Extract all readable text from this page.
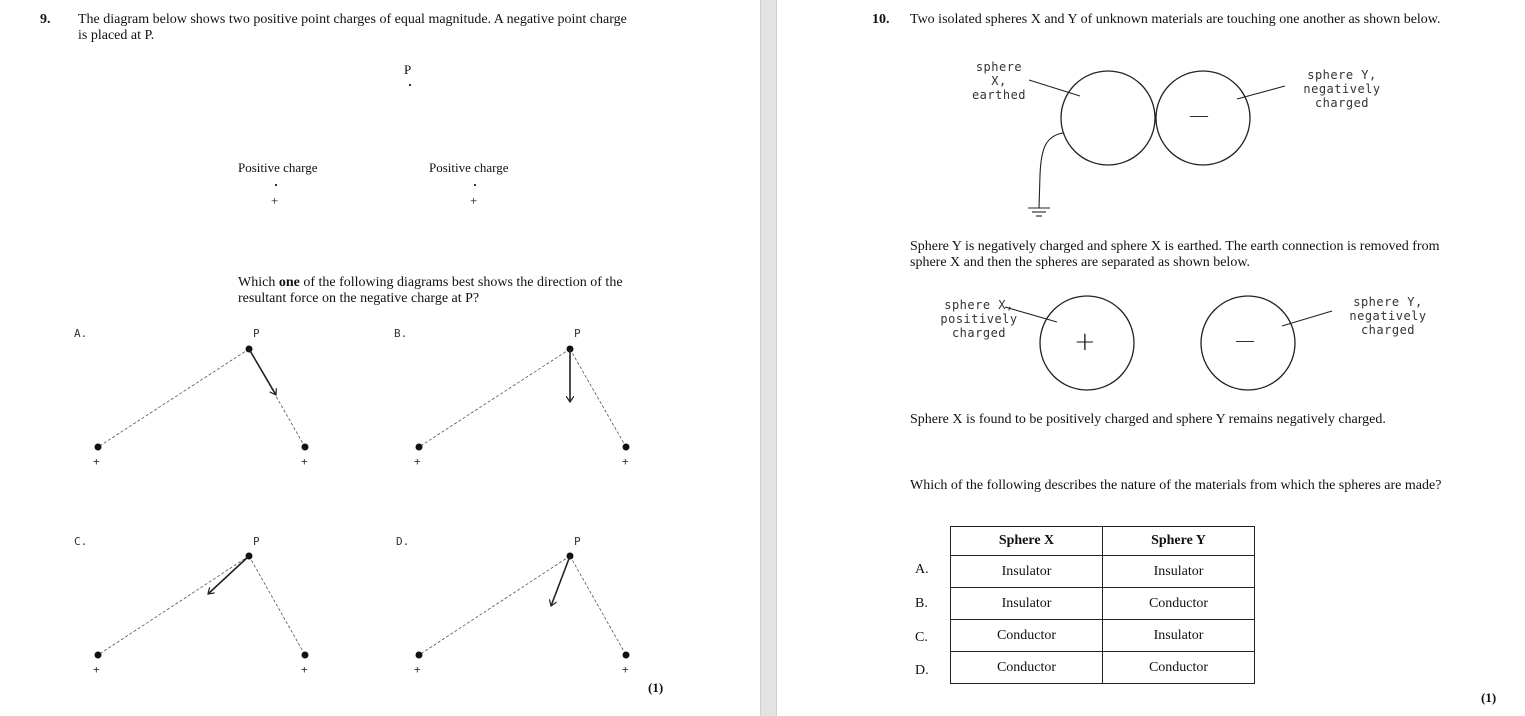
9. The diagram below shows two positive point charges of equal magnitude. A negative point charge is placed at P.
P
Positive charge	Positive charge
+	+
Which one of the following diagrams best shows the direction of the resultant force on the negative charge at P?
A.	P
+	+
B.	P
+	+
C.	P
+	+
D.	P
+	+
(1)
10. Two isolated spheres X and Y of unknown materials are touching one another as shown below.
sphere X,
earthed
sphere Y,
negatively charged
—
Sphere Y is negatively charged and sphere X is earthed. The earth connection is removed from sphere X and then the spheres are separated as shown below.
sphere X,
positively charged
sphere Y,
negatively charged
+	—
Sphere X is found to be positively charged and sphere Y remains negatively charged.
Which of the following describes the nature of the materials from which the spheres are made?
Sphere X	Sphere Y
Insulator	Insulator
Insulator	Conductor
Conductor	Insulator
Conductor	Conductor
A.
B.
C.
D.
(1)
